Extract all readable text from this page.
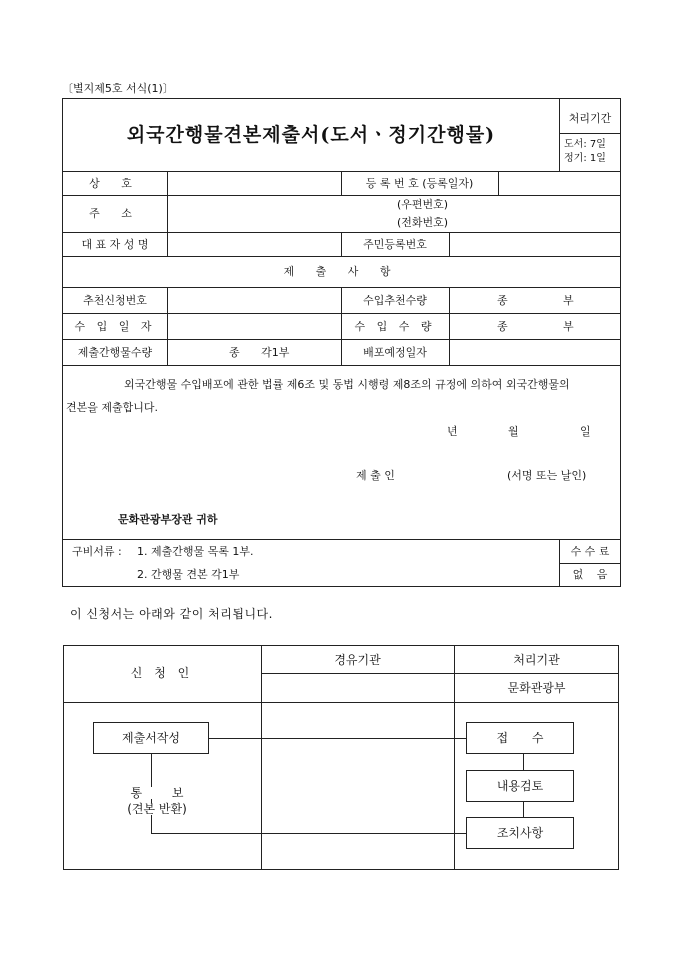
〔별지제5호 서식(1)〕
외국간행물견본제출서(도서ㆍ정기간행물)
처리기간
도서: 7일
정기: 1일
상 호	등 록 번 호 (등록일자)
주 소
(우편번호)
(전화번호)
대 표 자 성 명	주민등록번호
제 출 사 항
추천신청번호	수입추천수량	종	부
수 입 일 자	수 입 수 량	종	부
제출간행물수량	종 각1부	배포예정일자
외국간행물 수입배포에 관한 법률 제6조 및 동법 시행령 제8조의 규정에 의하여 외국간행물의
견본을 제출합니다.
년	월	일
제 출 인	(서명 또는 날인)
문화관광부장관 귀하
구비서류 : 1. 제출간행물 목록 1부.
2. 간행물 견본 각1부
수 수 료
없 음
이 신청서는 아래와 같이 처리됩니다.
신 청 인
경유기관	처리기관
문화관광부
제출서작성	접 수
내용검토
조치사항
통 보
(견본 반환)
